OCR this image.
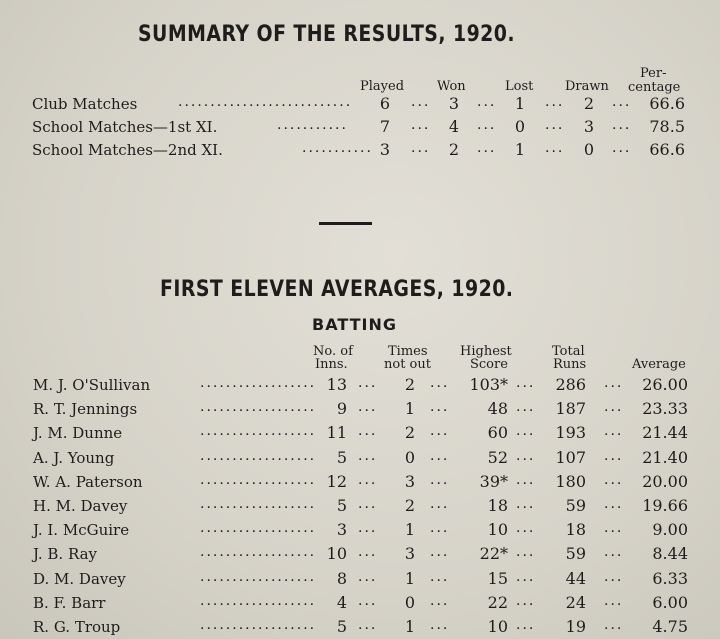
SUMMARY OF THE RESULTS, 1920.
Played	Won	Lost Drawn
Per-
centage
Club Matches	...........................	6	...	3	...	1	...	2	... 66.6
School Matches—1st XI.	...........	7	...	4	...	0	...	3	... 78.5
School Matches—2nd XI.	........... 3	...	2	...	1	...	0	... 66.6
FIRST ELEVEN AVERAGES, 1920.
BATTING
No. of
Inns.
Times
not out
Highest
Score
Total
Runs	Average
M. J. O'Sullivan	.................. 13 ...	2	... 103* ... 286 ... 26.00
R. T. Jennings	.................. 9 ...	1	... 48 ... 187 ... 23.33
J. M. Dunne	.................. 11 ...	2	... 60 ... 193 ... 21.44
A. J. Young	.................. 5 ...	0	... 52 ... 107 ... 21.40
W. A. Paterson	.................. 12 ...	3	... 39* ... 180 ... 20.00
H. M. Davey	.................. 5 ...	2	... 18 ... 59 ... 19.66
J. I. McGuire	.................. 3 ...	1	... 10 ... 18 ... 9.00
J. B. Ray	.................. 10 ...	3	... 22* ... 59 ... 8.44
D. M. Davey	.................. 8 ...	1	... 15 ... 44 ... 6.33
B. F. Barr	.................. 4 ...	0	... 22 ... 24 ... 6.00
R. G. Troup	.................. 5 ...	1	... 10 ... 19 ... 4.75
